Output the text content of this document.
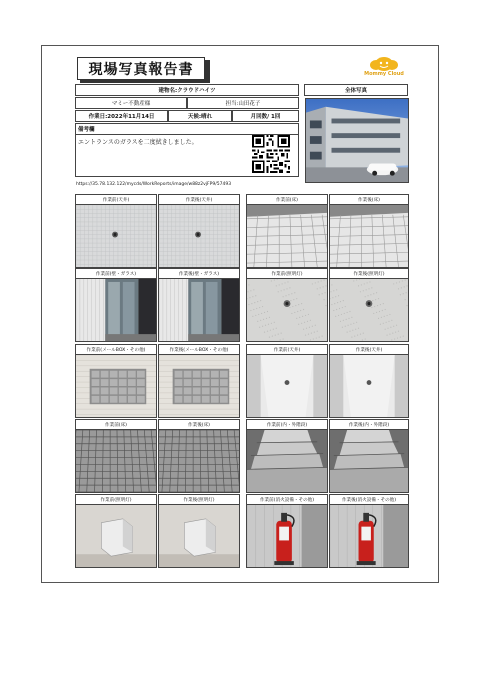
現場写真報告書	Mommy Cloud
建物名:クラウドハイツ	全体写真
マミー不動産様	担当:山田花子
作業日:2022年11月14日	天候:晴れ	月回数/ 1回
備考欄
エントランスのガラスを二度拭きしました。
https://35.78.132.122/mycds/WorkReports/image/w88z2vjFP9/57493
作業前(天井)	作業後(天井)	作業前(床)	作業後(床)
作業前(壁・ガラス)	作業後(壁・ガラス)	作業前(照明灯)	作業後(照明灯)
作業前(メールBOX・その他)	作業後(メールBOX・その他)	作業前(天井)	作業後(天井)
作業前(床)	作業後(床)	作業前(内・外階段)	作業後(内・外階段)
作業前(照明灯)	作業後(照明灯)	作業前(消火設備・その他)	作業後(消火設備・その他)
